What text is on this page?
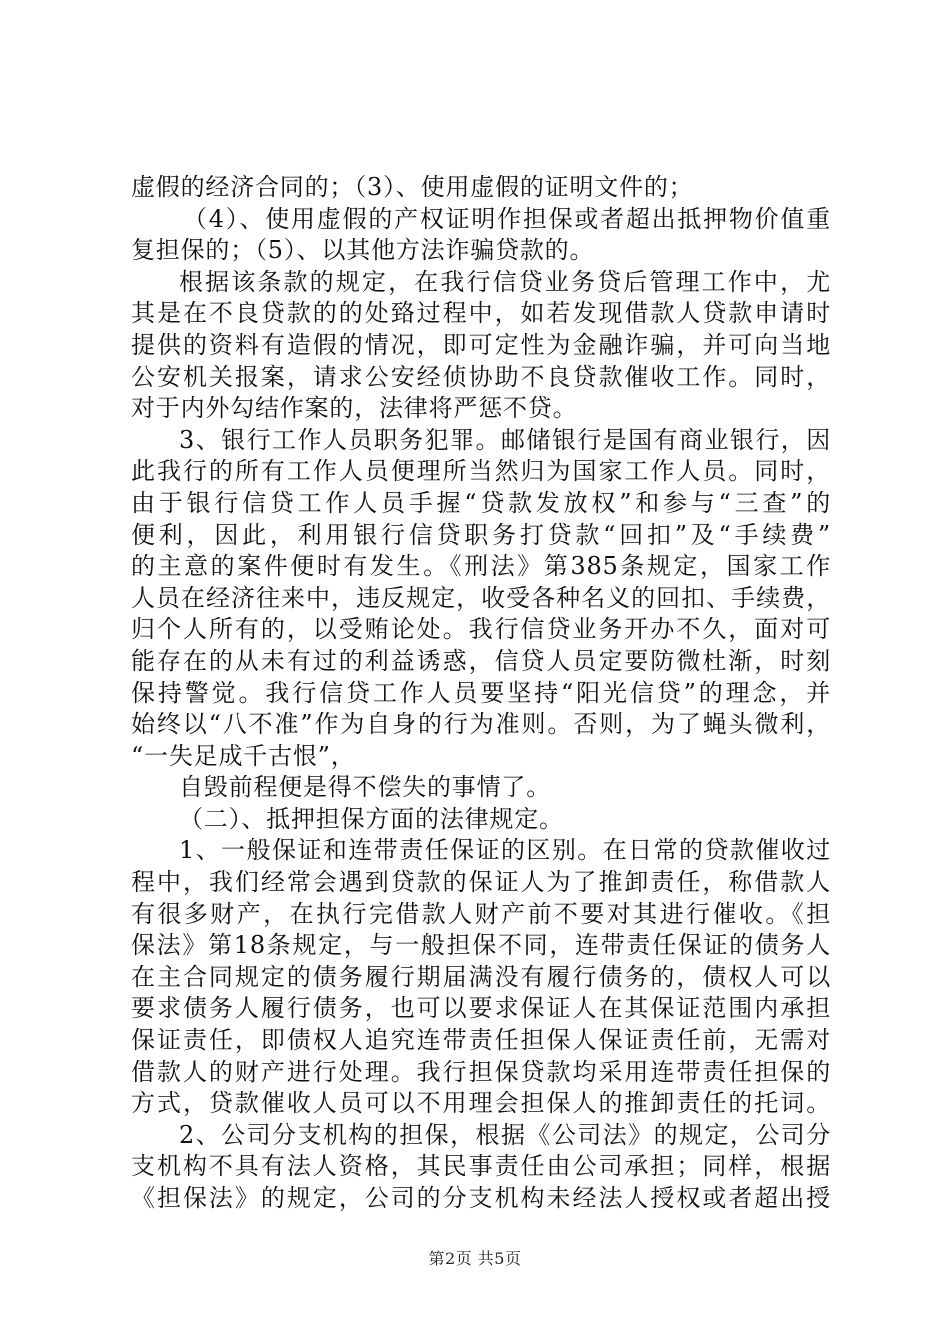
虚假的经济合同的；（3）、使用虚假的证明文件的；
（4）、使用虚假的产权证明作担保或者超出抵押物价值重
复担保的；（5）、以其他方法诈骗贷款的。
根据该条款的规定，在我行信贷业务贷后管理工作中，尤
其是在不良贷款的的处臵过程中，如若发现借款人贷款申请时
提供的资料有造假的情况，即可定性为金融诈骗，并可向当地
公安机关报案，请求公安经侦协助不良贷款催收工作。同时，
对于内外勾结作案的，法律将严惩不贷。
3、银行工作人员职务犯罪。邮储银行是国有商业银行，因
此我行的所有工作人员便理所当然归为国家工作人员。同时，
由于银行信贷工作人员手握“贷款发放权”和参与“三查”的
便利，因此，利用银行信贷职务打贷款“回扣”及“手续费”
的主意的案件便时有发生。《刑法》第385条规定，国家工作
人员在经济往来中，违反规定，收受各种名义的回扣、手续费，
归个人所有的，以受贿论处。我行信贷业务开办不久，面对可
能存在的从未有过的利益诱惑，信贷人员定要防微杜渐，时刻
保持警觉。我行信贷工作人员要坚持“阳光信贷”的理念，并
始终以“八不准”作为自身的行为准则。否则，为了蝇头微利，
“一失足成千古恨”，
自毁前程便是得不偿失的事情了。
（二）、抵押担保方面的法律规定。
1、一般保证和连带责任保证的区别。在日常的贷款催收过
程中，我们经常会遇到贷款的保证人为了推卸责任，称借款人
有很多财产，在执行完借款人财产前不要对其进行催收。《担
保法》第18条规定，与一般担保不同，连带责任保证的债务人
在主合同规定的债务履行期届满没有履行债务的，债权人可以
要求债务人履行债务，也可以要求保证人在其保证范围内承担
保证责任，即债权人追究连带责任担保人保证责任前，无需对
借款人的财产进行处理。我行担保贷款均采用连带责任担保的
方式，贷款催收人员可以不用理会担保人的推卸责任的托词。
2、公司分支机构的担保，根据《公司法》的规定，公司分
支机构不具有法人资格，其民事责任由公司承担；同样，根据
《担保法》的规定，公司的分支机构未经法人授权或者超出授
第2页 共5页
